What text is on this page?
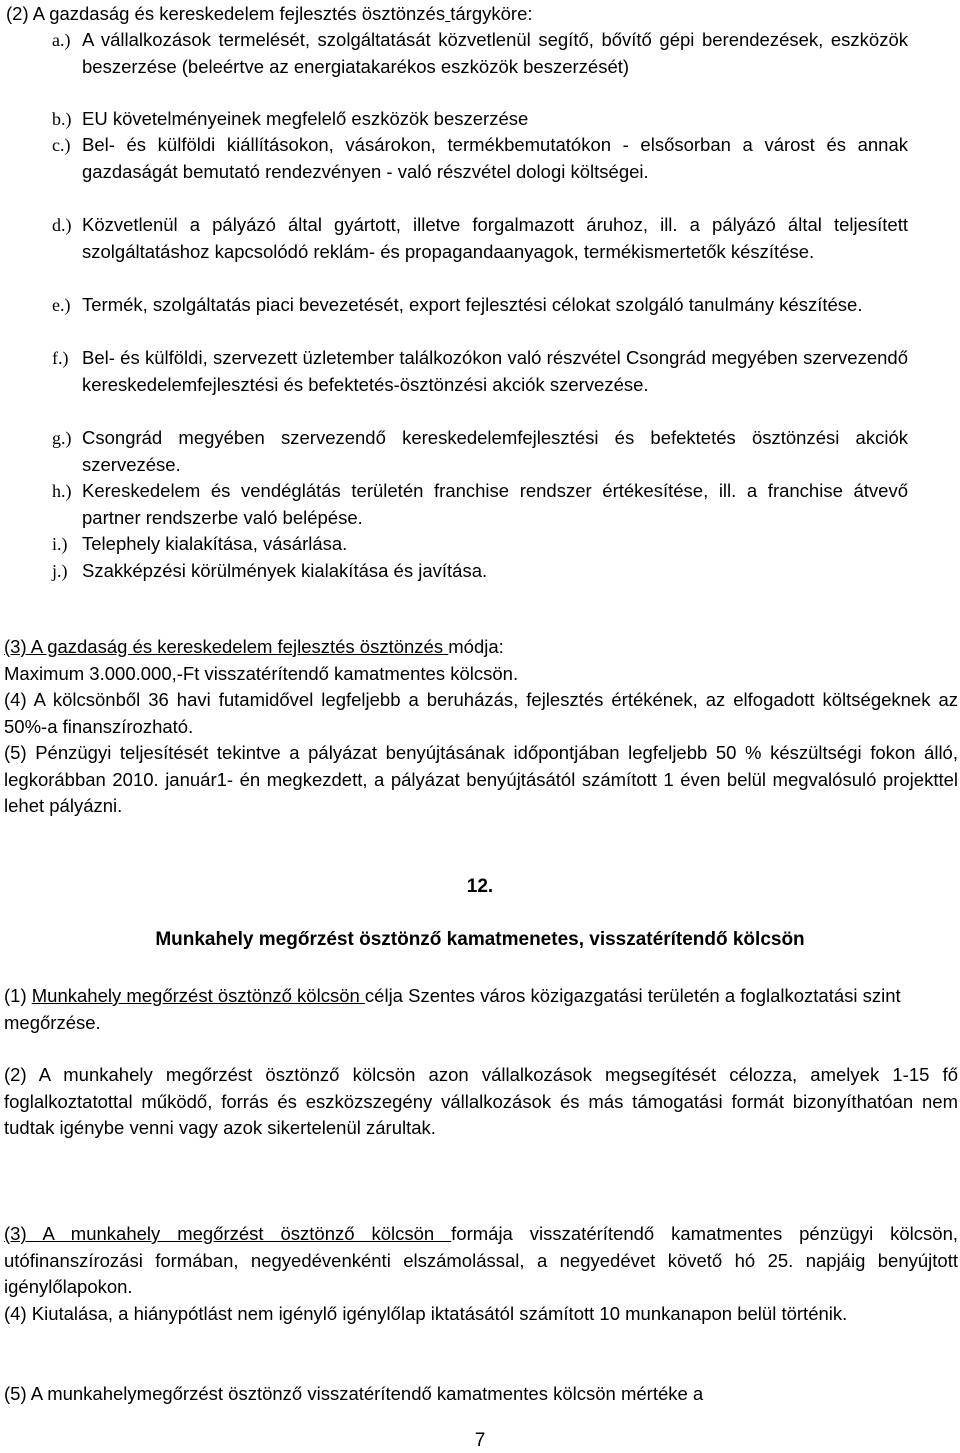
(2) A gazdaság és kereskedelem fejlesztés ösztönzés tárgyköre:
a.) A vállalkozások termelését, szolgáltatását közvetlenül segítő, bővítő gépi berendezések, eszközök beszerzése (beleértve az energiatakarékos eszközök beszerzését)
b.) EU követelményeinek megfelelő eszközök beszerzése
c.) Bel- és külföldi kiállításokon, vásárokon, termékbemutatókon - elsősorban a várost és annak gazdaságát bemutató rendezvényen - való részvétel dologi költségei.
d.) Közvetlenül a pályázó által gyártott, illetve forgalmazott áruhoz, ill. a pályázó által teljesített szolgáltatáshoz kapcsolódó reklám- és propagandaanyagok, termékismertetők készítése.
e.) Termék, szolgáltatás piaci bevezetését, export fejlesztési célokat szolgáló tanulmány készítése.
f.) Bel- és külföldi, szervezett üzletember találkozókon való részvétel Csongrád megyében szervezendő kereskedelemfejlesztési és befektetés-ösztönzési akciók szervezése.
g.) Csongrád megyében szervezendő kereskedelemfejlesztési és befektetés ösztönzési akciók szervezése.
h.) Kereskedelem és vendéglátás területén franchise rendszer értékesítése, ill. a franchise átvevő partner rendszerbe való belépése.
i.) Telephely kialakítása, vásárlása.
j.) Szakképzési körülmények kialakítása és javítása.
(3) A gazdaság és kereskedelem fejlesztés ösztönzés módja:
Maximum 3.000.000,-Ft visszatérítendő kamatmentes kölcsön.
(4) A kölcsönből 36 havi futamidővel legfeljebb a beruházás, fejlesztés értékének, az elfogadott költségeknek az 50%-a finanszírozható.
(5) Pénzügyi teljesítését tekintve a pályázat benyújtásának időpontjában legfeljebb 50 % készültségi fokon álló, legkorábban 2010. január1- én megkezdett, a pályázat benyújtásától számított 1 éven belül megvalósuló projekttel lehet pályázni.
12.
Munkahely megőrzést ösztönző kamatmenetes, visszatérítendő kölcsön
(1) Munkahely megőrzést ösztönző kölcsön célja Szentes város közigazgatási területén a foglalkoztatási szint megőrzése.
(2) A munkahely megőrzést ösztönző kölcsön azon vállalkozások megsegítését célozza, amelyek 1-15 fő foglalkoztatottal működő, forrás és eszközszegény vállalkozások és más támogatási formát bizonyíthatóan nem tudtak igénybe venni vagy azok sikertelenül zárultak.
(3) A munkahely megőrzést ösztönző kölcsön formája visszatérítendő kamatmentes pénzügyi kölcsön, utófinanszírozási formában, negyedévenkénti elszámolással, a negyedévet követő hó 25. napjáig benyújtott igénylőlapokon.
(4) Kiutalása, a hiánypótlást nem igénylő igénylőlap iktatásától számított 10 munkanapon belül történik.
(5) A munkahelymegőrzést ösztönző visszatérítendő kamatmentes kölcsön mértéke a
7
